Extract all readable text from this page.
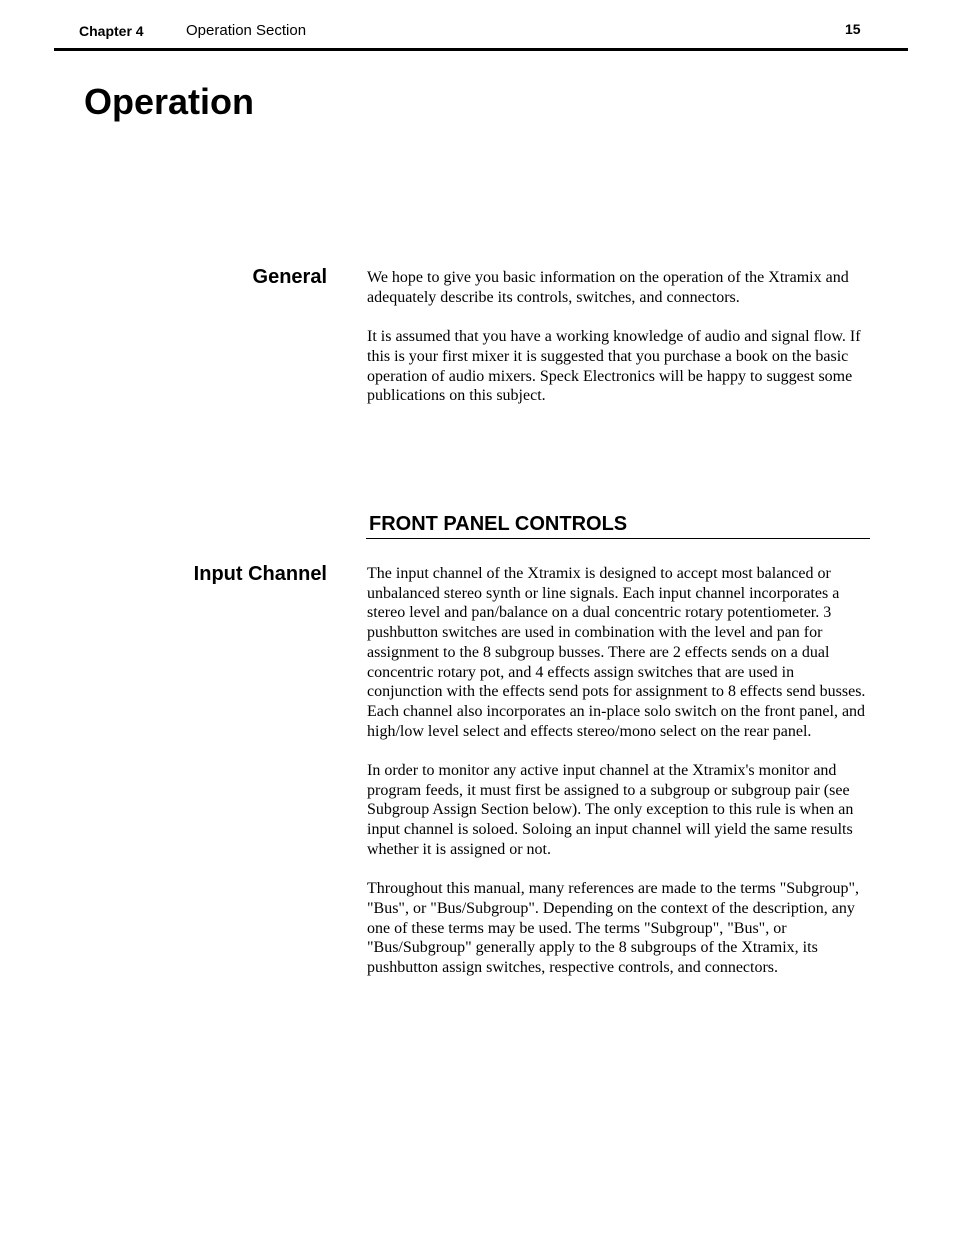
Chapter 4	Operation Section	15
Operation
General	We hope to give you basic information on the operation of the Xtramix and adequately describe its controls, switches, and connectors.

It is assumed that you have a working knowledge of audio and signal flow. If this is your first mixer it is suggested that you purchase a book on the basic operation of audio mixers. Speck Electronics will be happy to suggest some publications on this subject.

FRONT PANEL CONTROLS
Input Channel	The input channel of the Xtramix is designed to accept most balanced or unbalanced stereo synth or line signals. Each input channel incorporates a stereo level and pan/balance on a dual concentric rotary potentiometer. 3 pushbutton switches are used in combination with the level and pan for assignment to the 8 subgroup busses. There are 2 effects sends on a dual concentric rotary pot, and 4 effects assign switches that are used in conjunction with the effects send pots for assignment to 8 effects send busses. Each channel also incorporates an in-place solo switch on the front panel, and high/low level select and effects stereo/mono select on the rear panel.

In order to monitor any active input channel at the Xtramix's monitor and program feeds, it must first be assigned to a subgroup or subgroup pair (see Subgroup Assign Section below). The only exception to this rule is when an input channel is soloed. Soloing an input channel will yield the same results whether it is assigned or not.

Throughout this manual, many references are made to the terms "Subgroup", "Bus", or "Bus/Subgroup". Depending on the context of the description, any one of these terms may be used. The terms "Subgroup", "Bus", or "Bus/Subgroup" generally apply to the 8 subgroups of the Xtramix, its pushbutton assign switches, respective controls, and connectors.
